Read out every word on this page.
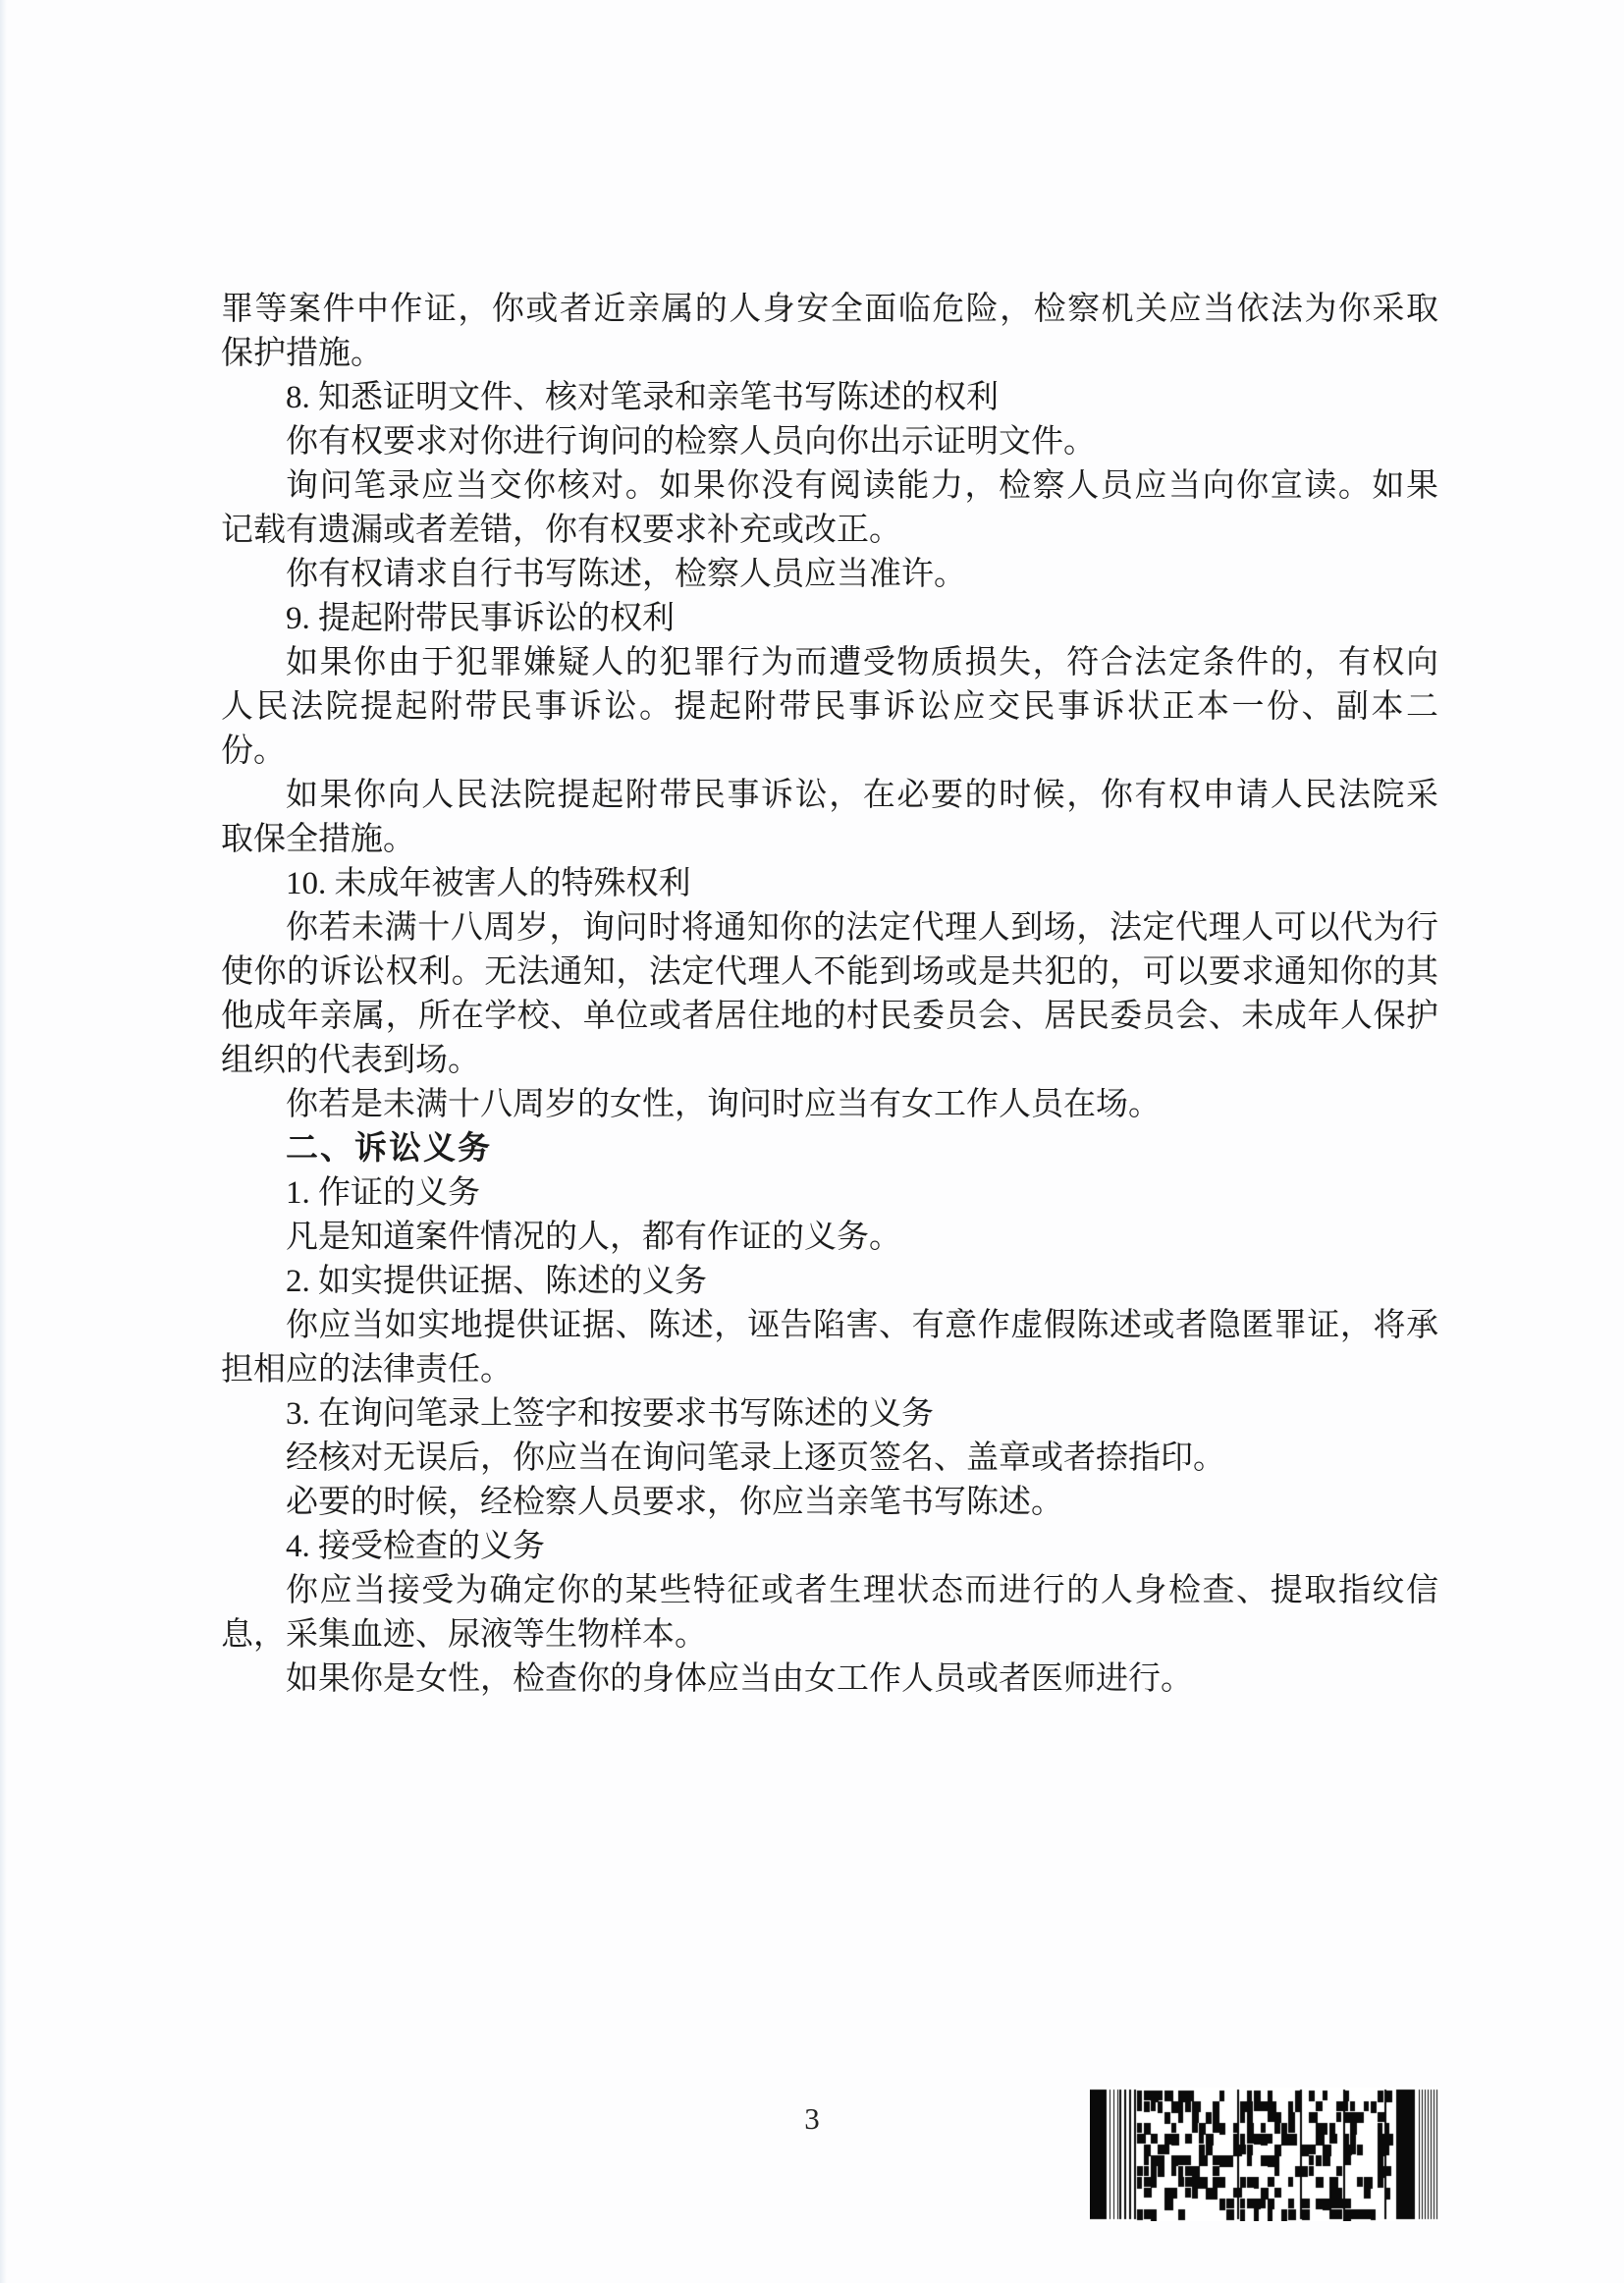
罪等案件中作证，你或者近亲属的人身安全面临危险，检察机关应当依法为你采取
保护措施。
8. 知悉证明文件、核对笔录和亲笔书写陈述的权利
你有权要求对你进行询问的检察人员向你出示证明文件。
询问笔录应当交你核对。如果你没有阅读能力，检察人员应当向你宣读。如果
记载有遗漏或者差错，你有权要求补充或改正。
你有权请求自行书写陈述，检察人员应当准许。
9. 提起附带民事诉讼的权利
如果你由于犯罪嫌疑人的犯罪行为而遭受物质损失，符合法定条件的，有权向
人民法院提起附带民事诉讼。提起附带民事诉讼应交民事诉状正本一份、副本二
份。
如果你向人民法院提起附带民事诉讼，在必要的时候，你有权申请人民法院采
取保全措施。
10. 未成年被害人的特殊权利
你若未满十八周岁，询问时将通知你的法定代理人到场，法定代理人可以代为行
使你的诉讼权利。无法通知，法定代理人不能到场或是共犯的，可以要求通知你的其
他成年亲属，所在学校、单位或者居住地的村民委员会、居民委员会、未成年人保护
组织的代表到场。
你若是未满十八周岁的女性，询问时应当有女工作人员在场。
二、诉讼义务
1. 作证的义务
凡是知道案件情况的人，都有作证的义务。
2. 如实提供证据、陈述的义务
你应当如实地提供证据、陈述，诬告陷害、有意作虚假陈述或者隐匿罪证，将承
担相应的法律责任。
3. 在询问笔录上签字和按要求书写陈述的义务
经核对无误后，你应当在询问笔录上逐页签名、盖章或者捺指印。
必要的时候，经检察人员要求，你应当亲笔书写陈述。
4. 接受检查的义务
你应当接受为确定你的某些特征或者生理状态而进行的人身检查、提取指纹信
息，采集血迹、尿液等生物样本。
如果你是女性，检查你的身体应当由女工作人员或者医师进行。
3
